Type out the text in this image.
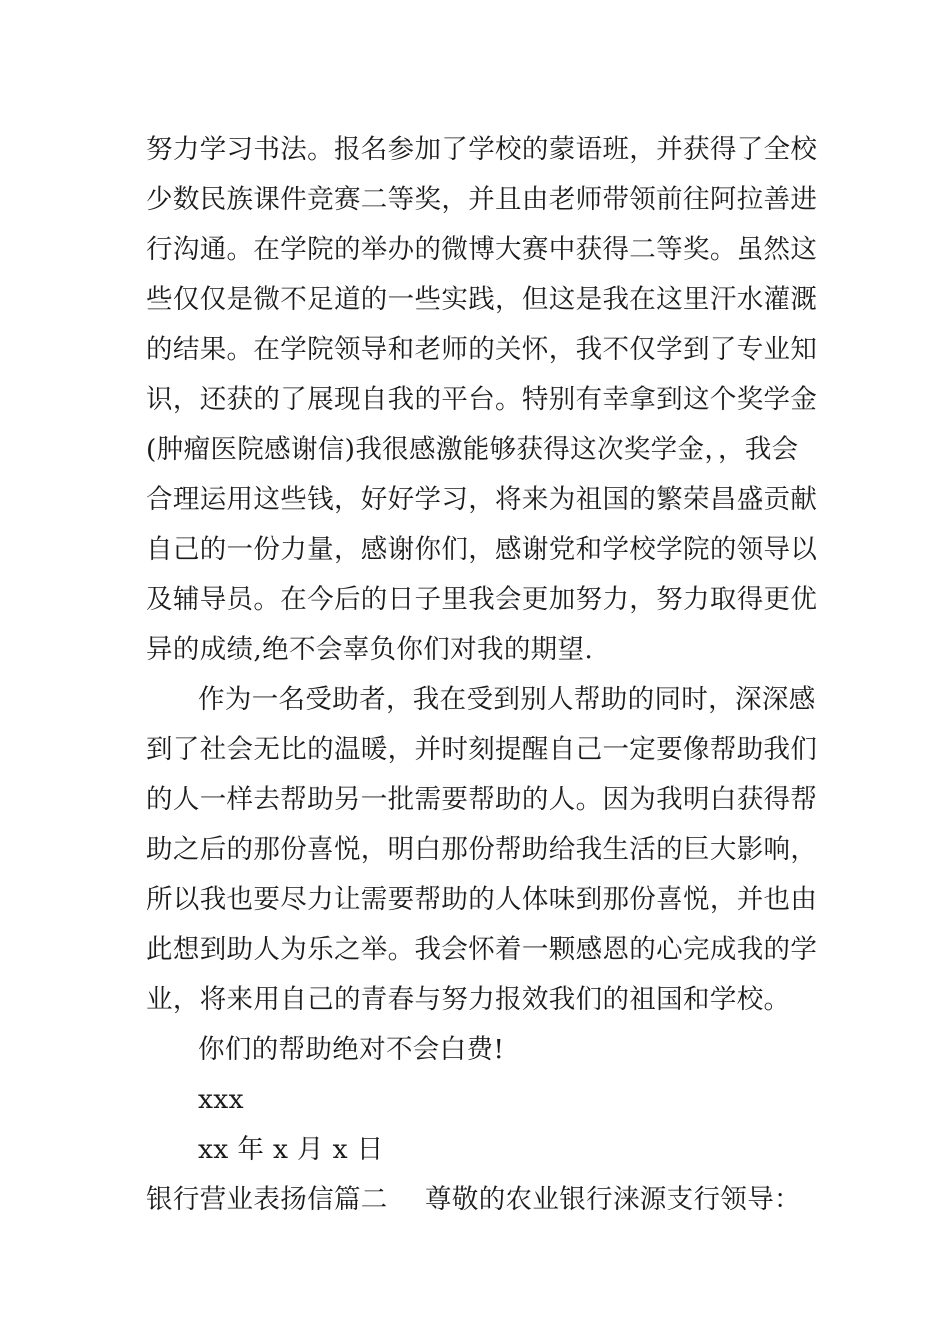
努力学习书法。报名参加了学校的蒙语班，并获得了全校
少数民族课件竞赛二等奖，并且由老师带领前往阿拉善进
行沟通。在学院的举办的微博大赛中获得二等奖。虽然这
些仅仅是微不足道的一些实践，但这是我在这里汗水灌溉
的结果。在学院领导和老师的关怀，我不仅学到了专业知
识，还获的了展现自我的平台。特别有幸拿到这个奖学金
(肿瘤医院感谢信)我很感激能够获得这次奖学金，，我会
合理运用这些钱，好好学习，将来为祖国的繁荣昌盛贡献
自己的一份力量，感谢你们，感谢党和学校学院的领导以
及辅导员。在今后的日子里我会更加努力，努力取得更优
异的成绩,绝不会辜负你们对我的期望.
作为一名受助者，我在受到别人帮助的同时，深深感
到了社会无比的温暖，并时刻提醒自己一定要像帮助我们
的人一样去帮助另一批需要帮助的人。因为我明白获得帮
助之后的那份喜悦，明白那份帮助给我生活的巨大影响，
所以我也要尽力让需要帮助的人体味到那份喜悦，并也由
此想到助人为乐之举。我会怀着一颗感恩的心完成我的学
业，将来用自己的青春与努力报效我们的祖国和学校。
你们的帮助绝对不会白费!
xxx
xx 年 x 月 x 日
银行营业表扬信篇二 尊敬的农业银行涞源支行领导：
